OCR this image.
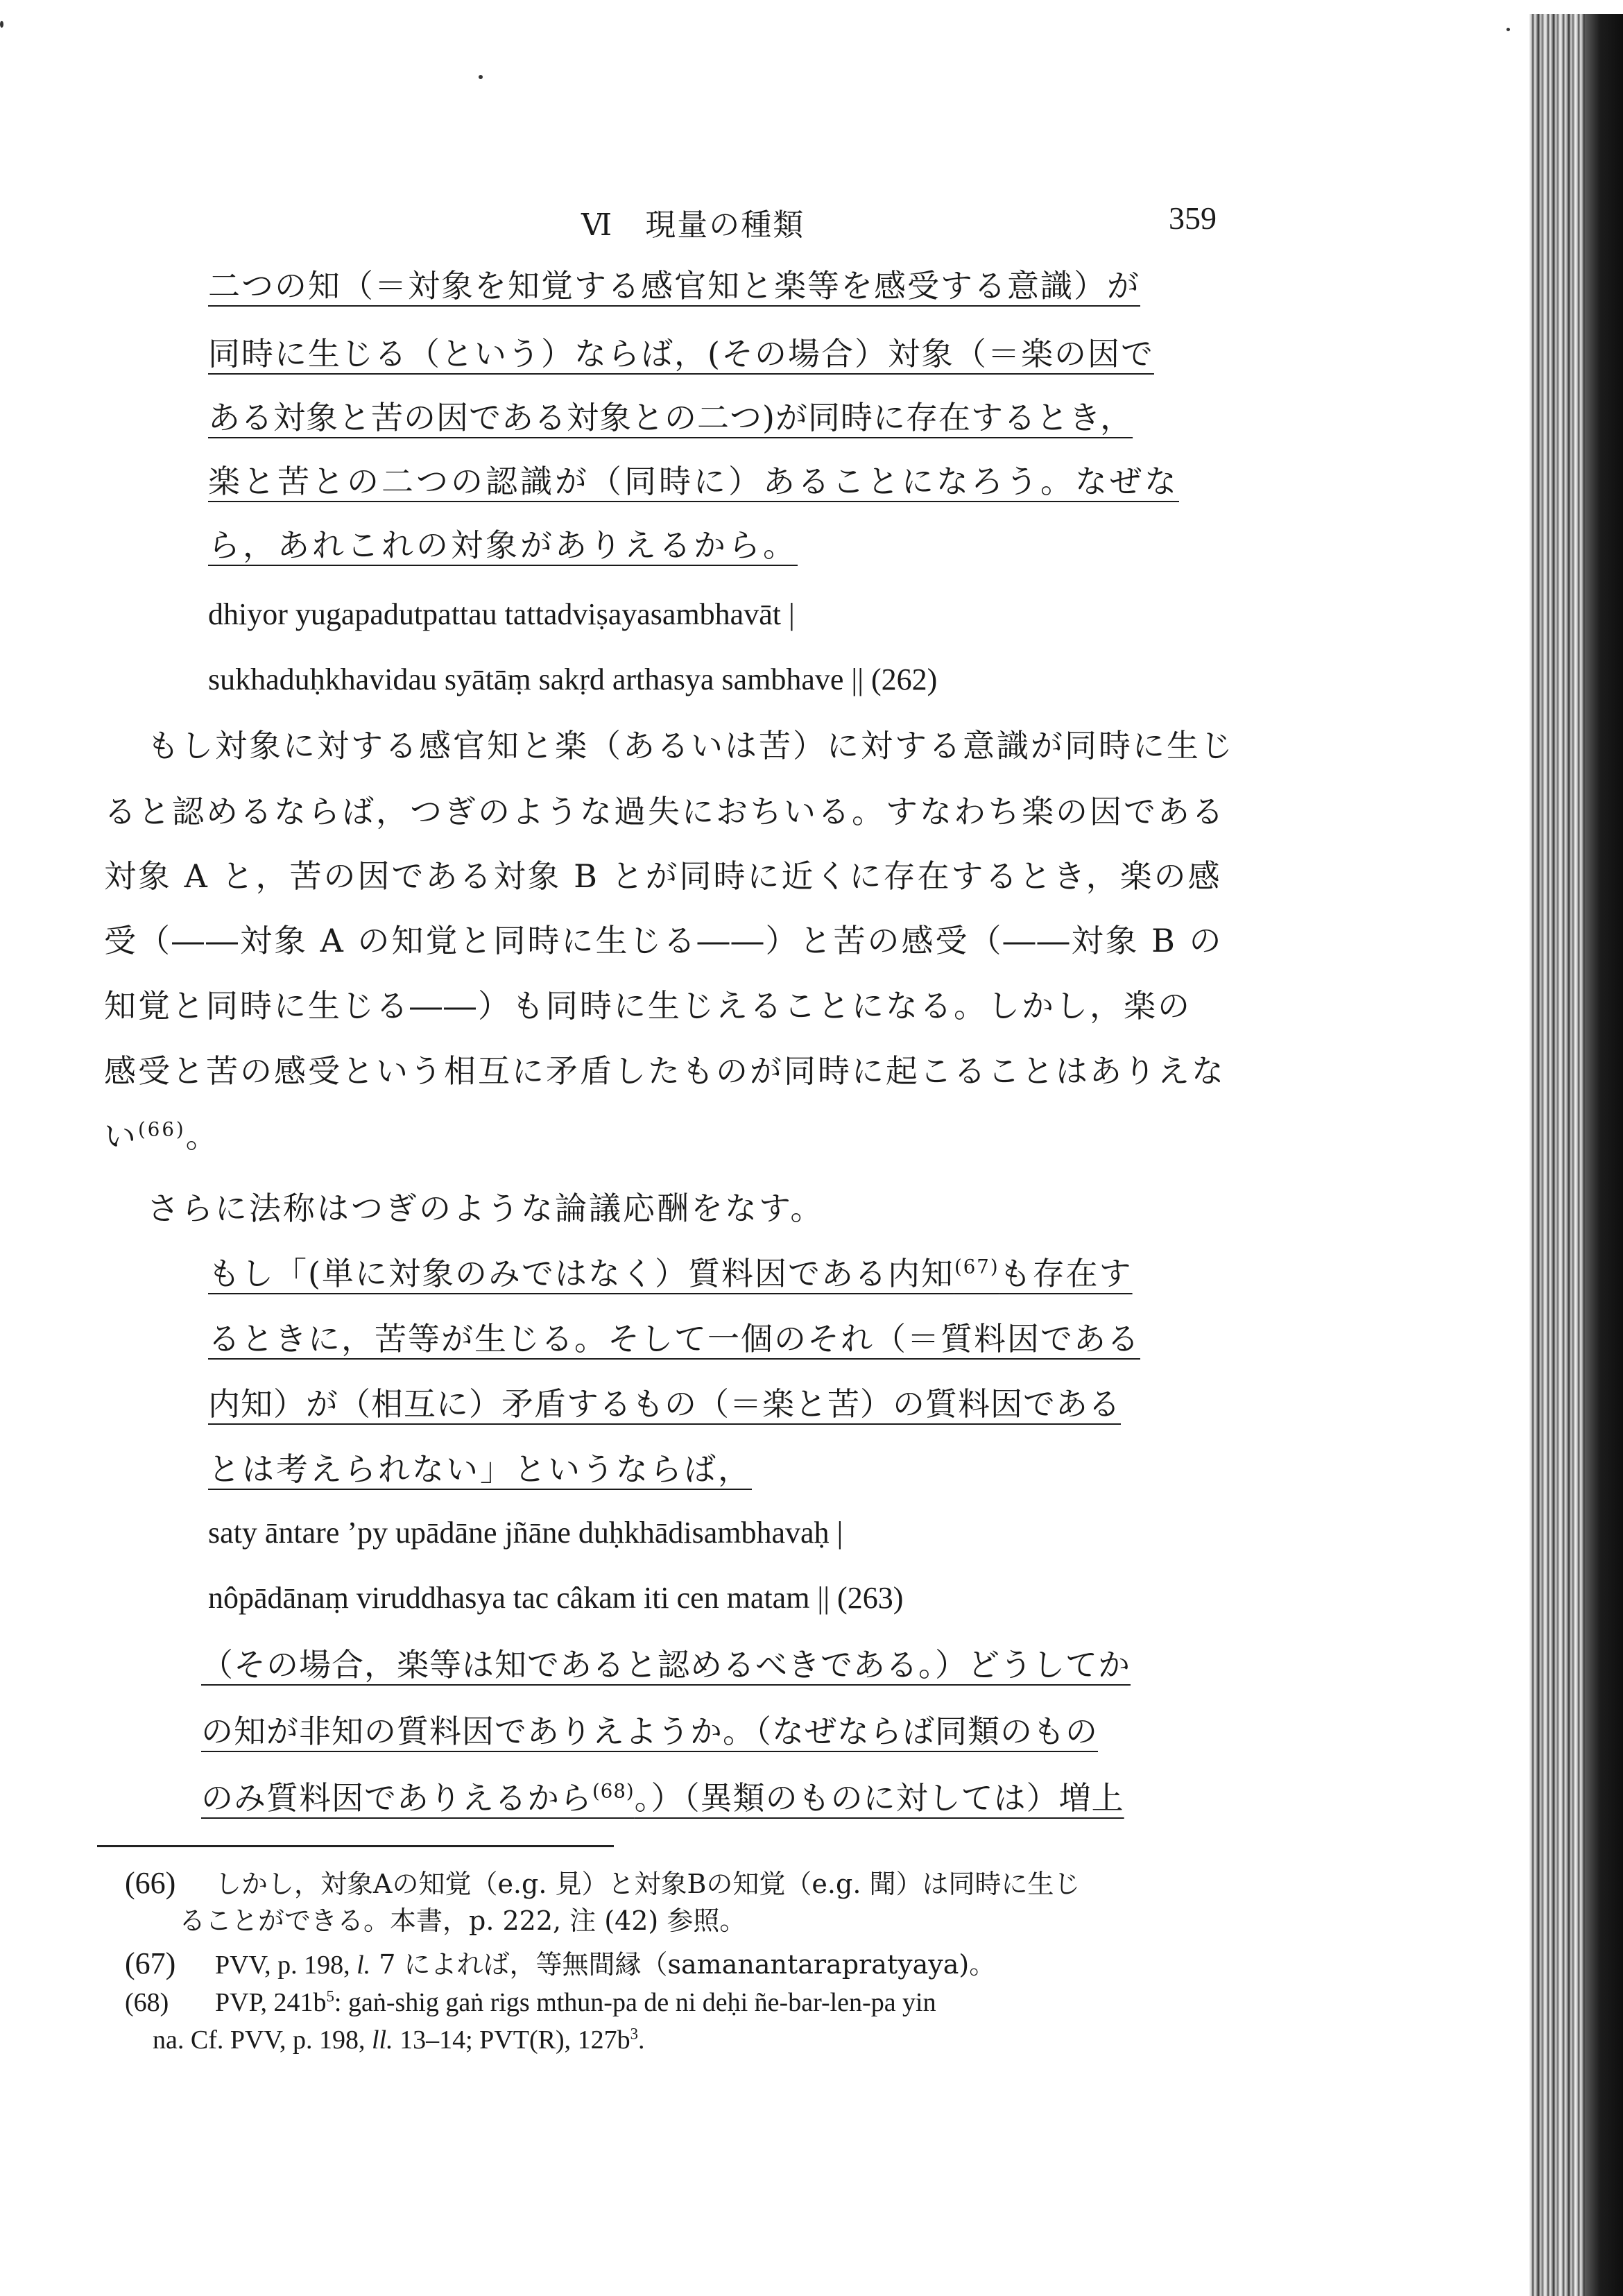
Ⅵ　現量の種類	359
二つの知（＝対象を知覚する感官知と楽等を感受する意識）が
同時に生じる（という）ならば，(その場合）対象（＝楽の因で
ある対象と苦の因である対象との二つ)が同時に存在するとき，
楽と苦との二つの認識が（同時に）あることになろう。なぜな
ら，あれこれの対象がありえるから。
dhiyor yugapadutpattau tattadviṣayasambhavāt |
sukhaduḥkhavidau syātāṃ sakṛd arthasya sambhave || (262)
もし対象に対する感官知と楽（あるいは苦）に対する意識が同時に生じ
ると認めるならば，つぎのような過失におちいる。すなわち楽の因である
対象 A と，苦の因である対象 B とが同時に近くに存在するとき，楽の感
受（――対象 A の知覚と同時に生じる――）と苦の感受（――対象 B の
知覚と同時に生じる――）も同時に生じえることになる。しかし，楽の
感受と苦の感受という相互に矛盾したものが同時に起こることはありえな
い$^{(66)}$。
さらに法称はつぎのような論議応酬をなす。
もし「(単に対象のみではなく）質料因である内知$^{(67)}$も存在す
るときに，苦等が生じる。そして一個のそれ（＝質料因である
内知）が（相互に）矛盾するもの（＝楽と苦）の質料因である
とは考えられない」というならば，
saty āntare ’py upādāne jñāne duḥkhādisambhavaḥ |
nôpādānaṃ viruddhasya tac câkam iti cen matam || (263)
（その場合，楽等は知であると認めるべきである。）どうしてか
の知が非知の質料因でありえようか。（なぜならば同類のもの
のみ質料因でありえるから$^{(68)}$。）（異類のものに対しては）増上
(66) しかし，対象Aの知覚（e.g. 見）と対象Bの知覚（e.g. 聞）は同時に生じ
ることができる。本書，p. 222, 注 (42) 参照。
(67) PVV, p. 198, l. 7 によれば，等無間縁（samanantarapratyaya)。
(68) PVP, $241b^5$: gaṅ-shig gaṅ rigs mthun-pa de ni deḥi ñe-bar-len-pa yin
na. Cf. PVV, p. 198, ll. 13–14; PVT(R), $127b^3$.
